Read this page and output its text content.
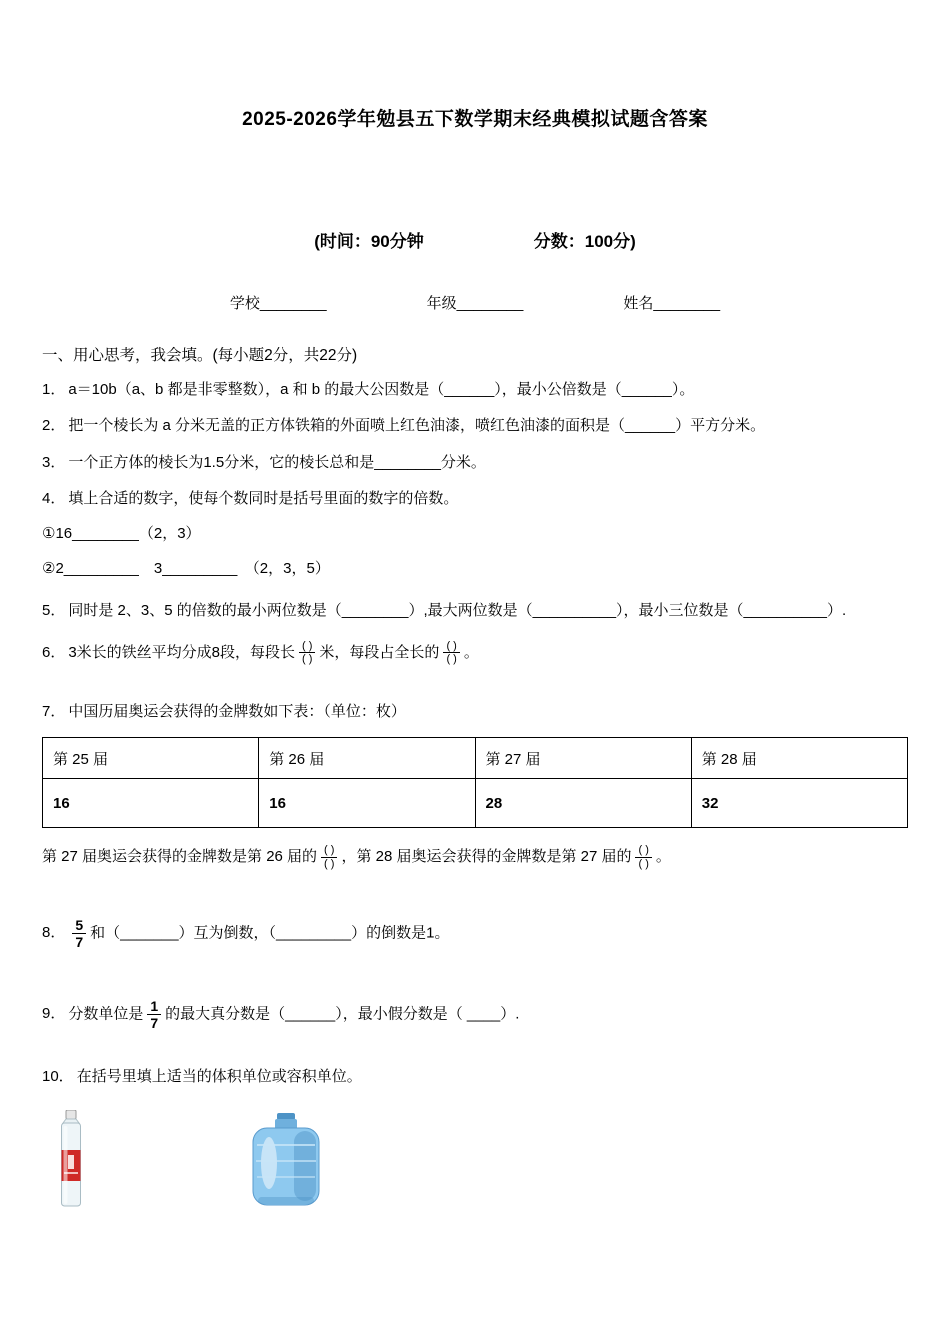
2025-2026学年勉县五下数学期末经典模拟试题含答案
(时间：90分钟	分数：100分)
学校________	年级________	姓名________
一、用心思考，我会填。(每小题2分，共22分)
1． a＝10b（a、b 都是非零整数），a 和 b 的最大公因数是（______），最小公倍数是（______）。
2． 把一个棱长为 a 分米无盖的正方体铁箱的外面喷上红色油漆，喷红色油漆的面积是（______）平方分米。
3． 一个正方体的棱长为1.5分米，它的棱长总和是________分米。
4． 填上合适的数字，使每个数同时是括号里面的数字的倍数。
①16________（2，3）
②2_________　3_________　（2，3，5）
5． 同时是 2、3、5 的倍数的最小两位数是（________）,最大两位数是（__________），最小三位数是（__________）.
6． 3米长的铁丝平均分成8段，每段长 $\frac{( )}{( )}$ 米，每段占全长的 $\frac{( )}{( )}$ 。
7． 中国历届奥运会获得的金牌数如下表：（单位：枚）
第 25 届	第 26 届	第 27 届	第 28 届
16	16	28	32
第 27 届奥运会获得的金牌数是第 26 届的 $\frac{( )}{( )}$ ，第 28 届奥运会获得的金牌数是第 27 届的 $\frac{( )}{( )}$ 。
8． $\frac{5}{7}$ 和（_______）互为倒数，（_________）的倒数是1。
9． 分数单位是 $\frac{1}{7}$ 的最大真分数是（______），最小假分数是（ ____）.
10． 在括号里填上适当的体积单位或容积单位。
